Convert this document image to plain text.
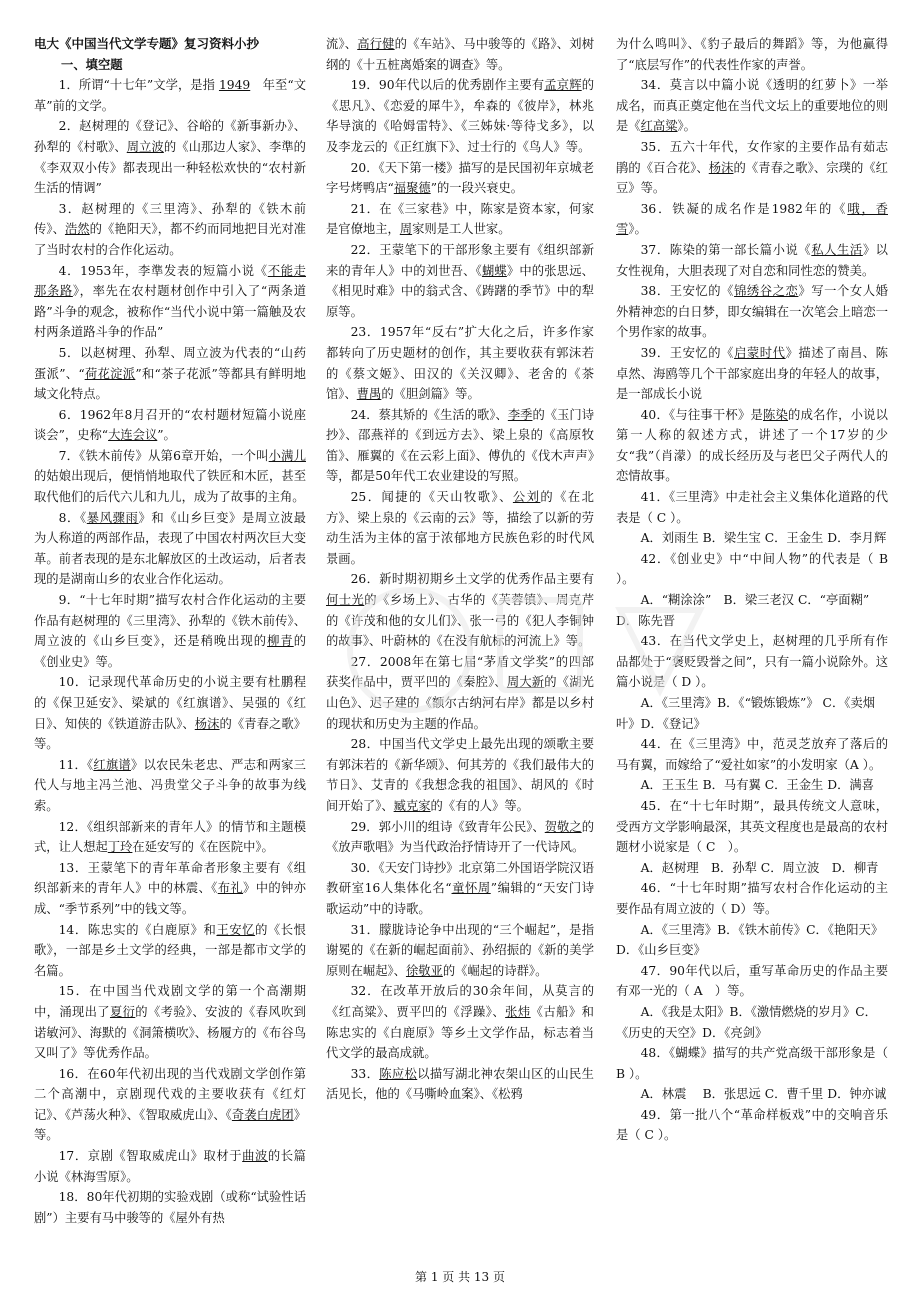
电大《中国当代文学专题》复习资料小抄

一、填空题

1．所谓“十七年”文学，是指 1949　年至“文革”前的文学。

2．赵树理的《登记》、谷峪的《新事新办》、孙犁的《村歌》、周立波的《山那边人家》、李準的《李双双小传》都表现出一种轻松欢快的“农村新生活的情调”

3．赵树理的《三里湾》、孙犁的《铁木前传》、浩然的《艳阳天》，都不约而同地把目光对准了当时农村的合作化运动。

4．1953年，李準发表的短篇小说《不能走那条路》，率先在农村题材创作中引入了“两条道路”斗争的观念，被称作“当代小说中第一篇触及农村两条道路斗争的作品”

5．以赵树理、孙犁、周立波为代表的“山药蛋派”、“荷花淀派”和“茶子花派”等都具有鲜明地域文化特点。

6．1962年8月召开的“农村题材短篇小说座谈会”，史称“大连会议”。

7．《铁木前传》从第6章开始，一个叫小满儿的姑娘出现后，便悄悄地取代了铁匠和木匠，甚至取代他们的后代六儿和九儿，成为了故事的主角。

8．《暴风骤雨》和《山乡巨变》是周立波最为人称道的两部作品，表现了中国农村两次巨大变革。前者表现的是东北解放区的土改运动，后者表现的是湖南山乡的农业合作化运动。

9．“十七年时期”描写农村合作化运动的主要作品有赵树理的《三里湾》、孙犁的《铁木前传》、周立波的《山乡巨变》，还是稍晚出现的柳青的《创业史》等。

10．记录现代革命历史的小说主要有杜鹏程的《保卫延安》、梁斌的《红旗谱》、吴强的《红日》、知侠的《铁道游击队》、杨沫的《青春之歌》等。

11．《红旗谱》以农民朱老忠、严志和两家三代人与地主冯兰池、冯贵堂父子斗争的故事为线索。

12．《组织部新来的青年人》的情节和主题模式，让人想起丁玲在延安写的《在医院中》。

13．王蒙笔下的青年革命者形象主要有《组织部新来的青年人》中的林震、《布礼》中的钟亦成、“季节系列”中的钱文等。

14．陈忠实的《白鹿原》和王安忆的《长恨歌》，一部是乡土文学的经典，一部是都市文学的名篇。

15．在中国当代戏剧文学的第一个高潮期中，涌现出了夏衍的《考验》、安波的《春风吹到诺敏河》、海默的《洞箫横吹》、杨履方的《布谷鸟又叫了》等优秀作品。

16．在60年代初出现的当代戏剧文学创作第二个高潮中，京剧现代戏的主要收获有《红灯记》、《芦荡火种》、《智取威虎山》、《奇袭白虎团》等。

17．京剧《智取威虎山》取材于曲波的长篇小说《林海雪原》。

18．80年代初期的实验戏剧（或称“试验性话剧”）主要有马中骏等的《屋外有热

流》、高行健的《车站》、马中骏等的《路》、刘树纲的《十五桩离婚案的调查》等。

19．90年代以后的优秀剧作主要有孟京辉的《思凡》、《恋爱的犀牛》，牟森的《彼岸》，林兆华导演的《哈姆雷特》、《三姊妹·等待戈多》，以及李龙云的《正红旗下》、过士行的《鸟人》等。

20．《天下第一楼》描写的是民国初年京城老字号烤鸭店“福聚德”的一段兴衰史。

21．在《三家巷》中，陈家是资本家，何家是官僚地主，周家则是工人世家。

22．王蒙笔下的干部形象主要有《组织部新来的青年人》中的刘世吾、《蝴蝶》中的张思远、《相见时难》中的翁式含、《踌躇的季节》中的犁原等。

23．1957年“反右”扩大化之后，许多作家都转向了历史题材的创作，其主要收获有郭沫若的《蔡文姬》、田汉的《关汉卿》、老舍的《茶馆》、曹禺的《胆剑篇》等。

24．蔡其矫的《生活的歌》、李季的《玉门诗抄》、邵燕祥的《到远方去》、梁上泉的《高原牧笛》、雁翼的《在云彩上面》、傅仇的《伐木声声》等，都是50年代工农业建设的写照。

25．闻捷的《天山牧歌》、公刘的《在北方》、梁上泉的《云南的云》等，描绘了以新的劳动生活为主体的富于浓郁地方民族色彩的时代风景画。

26．新时期初期乡土文学的优秀作品主要有何士光的《乡场上》、古华的《芙蓉镇》、周克芹的《许茂和他的女儿们》、张一弓的《犯人李铜钟的故事》、叶蔚林的《在没有航标的河流上》等。

27．2008年在第七届“茅盾文学奖”的四部获奖作品中，贾平凹的《秦腔》、周大新的《湖光山色》、迟子建的《额尔古纳河右岸》都是以乡村的现状和历史为主题的作品。

28．中国当代文学史上最先出现的颂歌主要有郭沫若的《新华颂》、何其芳的《我们最伟大的节日》、艾青的《我想念我的祖国》、胡风的《时间开始了》、臧克家的《有的人》等。

29．郭小川的组诗《致青年公民》、贺敬之的《放声歌唱》为当代政治抒情诗开了一代诗风。

30．《天安门诗抄》北京第二外国语学院汉语教研室16人集体化名“童怀周”编辑的“天安门诗歌运动”中的诗歌。

31．朦胧诗论争中出现的“三个崛起”，是指谢冕的《在新的崛起面前》、孙绍振的《新的美学原则在崛起》、徐敬亚的《崛起的诗群》。

32．在改革开放后的30余年间，从莫言的《红高粱》、贾平凹的《浮躁》、张炜《古船》和陈忠实的《白鹿原》等乡土文学作品，标志着当代文学的最高成就。

33．陈应松以描写湖北神农架山区的山民生活见长，他的《马嘶岭血案》、《松鸦

为什么鸣叫》、《豹子最后的舞蹈》等，为他赢得了“底层写作”的代表性作家的声誉。

34．莫言以中篇小说《透明的红萝卜》一举成名，而真正奠定他在当代文坛上的重要地位的则是《红高粱》。

35．五六十年代，女作家的主要作品有茹志鹃的《百合花》、杨沫的《青春之歌》、宗璞的《红豆》等。

36．铁凝的成名作是1982年的《哦，香雪》。

37．陈染的第一部长篇小说《私人生活》以女性视角，大胆表现了对自恋和同性恋的赞美。

38．王安忆的《锦绣谷之恋》写一个女人婚外精神恋的白日梦，即女编辑在一次笔会上暗恋一个男作家的故事。

39．王安忆的《启蒙时代》描述了南昌、陈卓然、海鸥等几个干部家庭出身的年轻人的故事，是一部成长小说

40．《与往事干杯》是陈染的成名作，小说以第一人称的叙述方式，讲述了一个17岁的少女“我”（肖濛）的成长经历及与老巴父子两代人的恋情故事。

41．《三里湾》中走社会主义集体化道路的代表是（ C ）。

A．刘雨生 B．梁生宝 C．王金生 D．李月辉

42．《创业史》中“中间人物”的代表是（ B　）。

A．“糊涂涂”　B．梁三老汉 C．“亭面糊”　D．陈先晋

43．在当代文学史上，赵树理的几乎所有作品都处于“褒贬毁誉之间”，只有一篇小说除外。这篇小说是（ D ）。

A．《三里湾》B．《“锻炼锻炼”》 C．《卖烟叶》D．《登记》

44．在《三里湾》中，范灵芝放弃了落后的马有翼，而嫁给了“爱社如家”的小发明家（A ）。

A．王玉生 B．马有翼 C．王金生 D．满喜

45．在“十七年时期”，最具传统文人意味，受西方文学影响最深，其英文程度也是最高的农村题材小说家是（ C　）。

A．赵树理　B．孙犁 C．周立波　D．柳青

46．“十七年时期”描写农村合作化运动的主要作品有周立波的（ D）等。

A．《三里湾》B．《铁木前传》C．《艳阳天》D．《山乡巨变》

47．90年代以后，重写革命历史的作品主要有邓一光的（ A　）等。

A．《我是太阳》B．《激情燃烧的岁月》C．《历史的天空》D．《亮剑》

48．《蝴蝶》描写的共产党高级干部形象是（ B ）。

A．林震　 B．张思远 C．曹千里 D．钟亦诚

49．第一批八个“革命样板戏”中的交响音乐是（ C ）。

第 1 页 共 13 页
